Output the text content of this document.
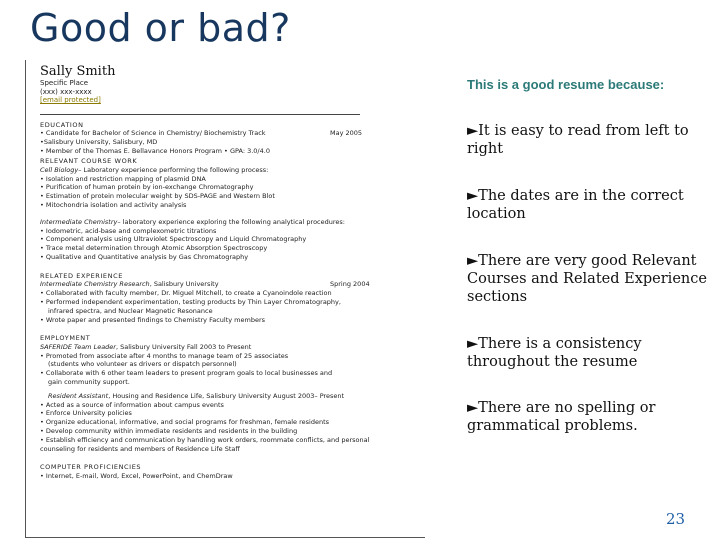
Good or bad?
Sally Smith
Specific Place
(xxx) xxx-xxxx
[email protected]
EDUCATION
• Candidate for Bachelor of Science in Chemistry/ Biochemistry Track	May 2005
•Salisbury University, Salisbury, MD
• Member of the Thomas E. Bellavance Honors Program • GPA: 3.0/4.0
RELEVANT COURSE WORK
Cell Biology– Laboratory experience performing the following process:
• Isolation and restriction mapping of plasmid DNA
• Purification of human protein by ion-exchange Chromatography
• Estimation of protein molecular weight by SDS-PAGE and Western Blot
• Mitochondria isolation and activity analysis
Intermediate Chemistry– laboratory experience exploring the following analytical procedures:
• Iodometric, acid-base and complexometric titrations
• Component analysis using Ultraviolet Spectroscopy and Liquid Chromatography
• Trace metal determination through Atomic Absorption Spectroscopy
• Qualitative and Quantitative analysis by Gas Chromatography
RELATED EXPERIENCE
Intermediate Chemistry Research, Salisbury University	Spring 2004
• Collaborated with faculty member, Dr. Miguel Mitchell, to create a Cyanoindole reaction
• Performed independent experimentation, testing products by Thin Layer Chromatography,
infrared spectra, and Nuclear Magnetic Resonance
• Wrote paper and presented findings to Chemistry Faculty members
EMPLOYMENT
SAFERIDE Team Leader, Salisbury University Fall 2003 to Present
• Promoted from associate after 4 months to manage team of 25 associates
(students who volunteer as drivers or dispatch personnel)
• Collaborate with 6 other team leaders to present program goals to local businesses and
gain community support.
Resident Assistant, Housing and Residence Life, Salisbury University August 2003– Present
• Acted as a source of information about campus events
• Enforce University policies
• Organize educational, informative, and social programs for freshman, female residents
• Develop community within immediate residents and residents in the building
• Establish efficiency and communication by handling work orders, roommate conflicts, and personal
counseling for residents and members of Residence Life Staff
COMPUTER PROFICIENCIES
• Internet, E-mail, Word, Excel, PowerPoint, and ChemDraw
This is a good resume because:
►It is easy to read from left to right
►The dates are in the correct location
►There are very good Relevant Courses and Related Experience sections
►There is a consistency throughout the resume
►There are no spelling or grammatical problems.
23
